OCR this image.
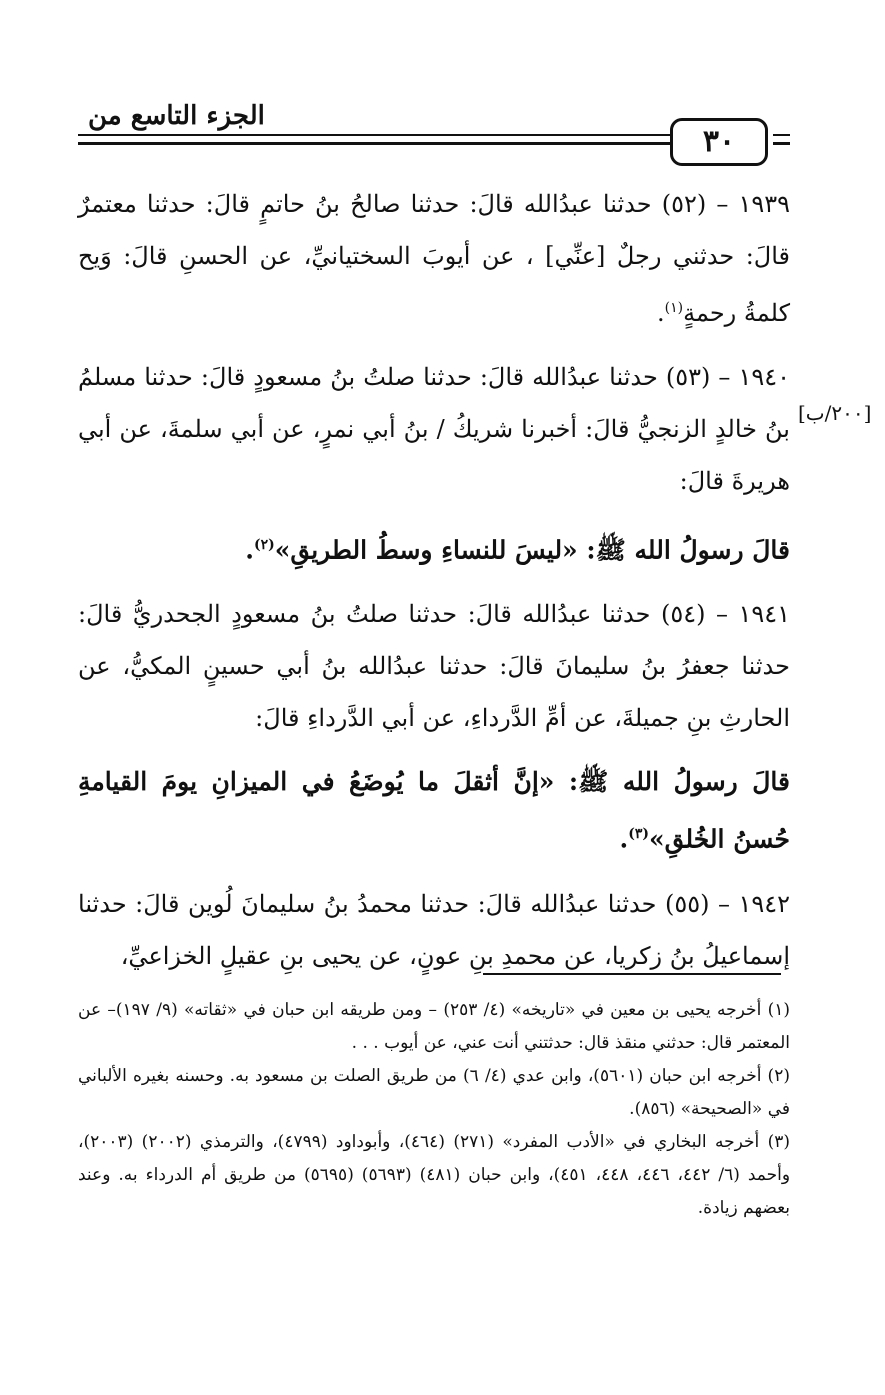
الجزء التاسع من
٣٠
[٢٠٠/ب]

١٩٣٩ – (٥٢) حدثنا عبدُالله قالَ: حدثنا صالحُ بنُ حاتمٍ قالَ: حدثنا معتمرٌ قالَ: حدثني رجلٌ [عنِّي] ، عن أيوبَ السختيانيِّ، عن الحسنِ قالَ: وَيح كلمةُ رحمةٍ$^{(١)}$.

١٩٤٠ – (٥٣) حدثنا عبدُالله قالَ: حدثنا صلتُ بنُ مسعودٍ قالَ: حدثنا مسلمُ بنُ خالدٍ الزنجيُّ قالَ: أخبرنا شريكُ / بنُ أبي نمرٍ، عن أبي سلمةَ، عن أبي هريرةَ قالَ:

قالَ رسولُ الله ﷺ: «ليسَ للنساءِ وسطُ الطريقِ»$^{(٢)}$.

١٩٤١ – (٥٤) حدثنا عبدُالله قالَ: حدثنا صلتُ بنُ مسعودٍ الجحدريُّ قالَ: حدثنا جعفرُ بنُ سليمانَ قالَ: حدثنا عبدُالله بنُ أبي حسينٍ المكيُّ، عن الحارثِ بنِ جميلةَ، عن أمِّ الدَّرداءِ، عن أبي الدَّرداءِ قالَ:

قالَ رسولُ الله ﷺ: «إنَّ أثقلَ ما يُوضَعُ في الميزانِ يومَ القيامةِ حُسنُ الخُلقِ»$^{(٣)}$.

١٩٤٢ – (٥٥) حدثنا عبدُالله قالَ: حدثنا محمدُ بنُ سليمانَ لُوين قالَ: حدثنا إسماعيلُ بنُ زكريا، عن محمدِ بنِ عونٍ، عن يحيى بنِ عقيلٍ الخزاعيِّ،

(١) أخرجه يحيى بن معين في «تاريخه» (٤/ ٢٥٣) – ومن طريقه ابن حبان في «ثقاته» (٩/ ١٩٧)– عن المعتمر قال: حدثني منقذ قال: حدثتني أنت عني، عن أيوب . . .

(٢) أخرجه ابن حبان (٥٦٠١)، وابن عدي (٤/ ٦) من طريق الصلت بن مسعود به. وحسنه بغيره الألباني في «الصحيحة» (٨٥٦).

(٣) أخرجه البخاري في «الأدب المفرد» (٢٧١) (٤٦٤)، وأبوداود (٤٧٩٩)، والترمذي (٢٠٠٢) (٢٠٠٣)، وأحمد (٦/ ٤٤٢، ٤٤٦، ٤٤٨، ٤٥١)، وابن حبان (٤٨١) (٥٦٩٣) (٥٦٩٥) من طريق أم الدرداء به. وعند بعضهم زيادة.
